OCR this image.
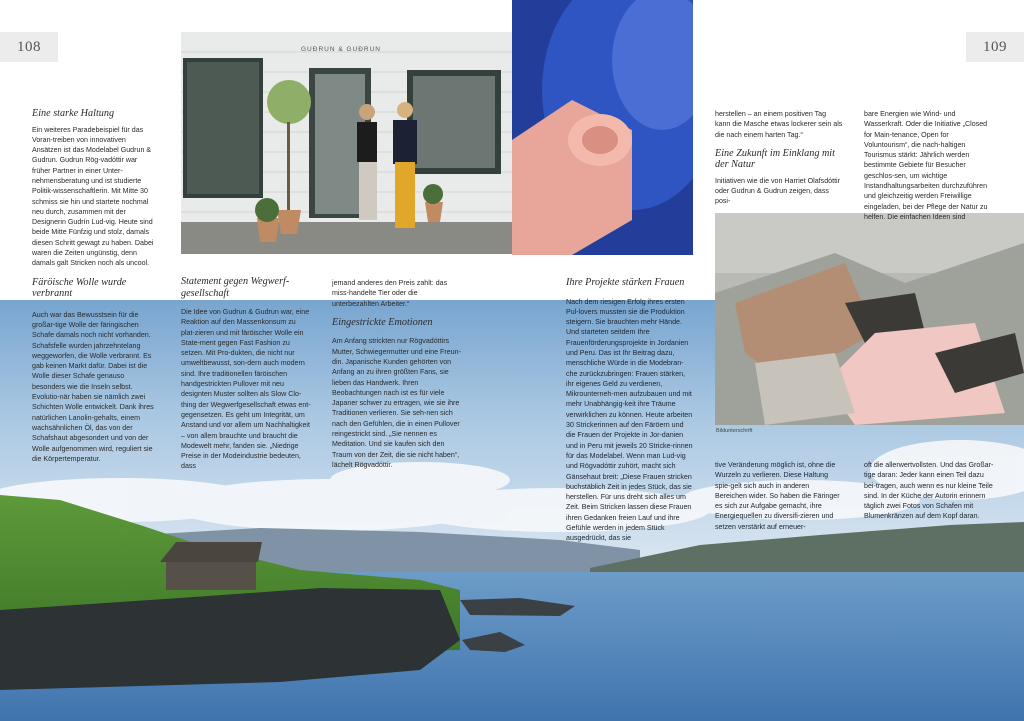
108	109
GUÐRUN & GUÐRUN
Bildunterschrift
Eine starke Haltung

Ein weiteres Paradebeispiel für das Voran-treiben von innovativen Ansätzen ist das Modelabel Gudrun & Gudrun. Gudrun Rög-vadóttir war früher Partner in einer Unter-nehmensberatung und ist studierte Politik-wissenschaftlerin. Mit Mitte 30 schmiss sie hin und startete nochmal neu durch, zusammen mit der Designerin Gudrín Lud-vig. Heute sind beide Mitte Fünfzig und stolz, damals diesen Schritt gewagt zu haben. Dabei waren die Zeiten ungünstig, denn damals galt Stricken noch als uncool.

Färöische Wolle wurde verbrannt

Auch war das Bewusstsein für die großar-tige Wolle der färingischen Schafe damals noch nicht vorhanden. Schafsfelle wurden jahrzehntelang weggeworfen, die Wolle verbrannt. Es gab keinen Markt dafür. Dabei ist die Wolle dieser Schafe genauso besonders wie die Inseln selbst. Evolutio-när haben sie nämlich zwei Schichten Wolle entwickelt. Dank ihres natürlichen Lanolin-gehalts, einem wachsähnlichen Öl, das von der Schafshaut abgesondert und von der Wolle aufgenommen wird, reguliert sie die Körpertemperatur.

Statement gegen Wegwerf-gesellschaft

Die Idee von Gudrun & Gudrun war, eine Reaktion auf den Massenkonsum zu plat-zieren und mit färöischer Wolle ein State-ment gegen Fast Fashion zu setzen. Mit Pro-dukten, die nicht nur umweltbewusst, son-dern auch modern sind. Ihre traditionellen färöischen handgestrickten Pullover mit neu designten Muster sollten als Slow Clo-thing der Wegwerfgesellschaft etwas ent-gegensetzen. Es geht um Integrität, um Anstand und vor allem um Nachhaltigkeit – von allem brauchte und braucht die Modewelt mehr, fanden sie. „Niedrige Preise in der Modeindustrie bedeuten, dass

jemand anderes den Preis zahlt: das miss-handelte Tier oder die unterbezahlten Arbeiter.“

Eingestrickte Emotionen

Am Anfang strickten nur Rögvadóttirs Mutter, Schwiegermutter und eine Freun-din. Japanische Kunden gehörten von Anfang an zu ihren größten Fans, sie lieben das Handwerk. Ihren Beobachtungen nach ist es für viele Japaner schwer zu ertragen, wie sie ihre Traditionen verlieren. Sie seh-nen sich nach den Gefühlen, die in einen Pullover reingestrickt sind. „Sie nennen es Meditation. Und sie kaufen sich den Traum von der Zeit, die sie nicht haben“, lächelt Rögvadóttir.

Ihre Projekte stärken Frauen

Nach dem riesigen Erfolg ihres ersten Pul-lovers mussten sie die Produktion steigern. Sie brauchten mehr Hände. Und starteten seitdem Ihre Frauenförderungsprojekte in Jordanien und Peru. Das ist Ihr Beitrag dazu, menschliche Würde in die Modebran-che zurückzubringen: Frauen stärken, ihr eigenes Geld zu verdienen, Mikrounterneh-men aufzubauen und mit mehr Unabhängig-keit ihre Träume verwirklichen zu können. Heute arbeiten 30 Strickerinnen auf den Färöern und die Frauen der Projekte in Jor-danien und in Peru mit jeweils 20 Stricke-rinnen für das Modelabel. Wenn man Lud-vig und Rögvadóttir zuhört, macht sich Gänsehaut breit: „Diese Frauen stricken buchstäblich Zeit in jedes Stück, das sie herstellen. Für uns dreht sich alles um Zeit. Beim Stricken lassen diese Frauen ihren Gedanken freien Lauf und ihre Gefühle werden in jedem Stück ausgedrückt, das sie

herstellen – an einem positiven Tag kann die Masche etwas lockerer sein als die nach einem harten Tag.“

Eine Zukunft im Einklang mit der Natur

Initiativen wie die von Harriet Olafsdóttir oder Gudrun & Gudrun zeigen, dass posi-

tive Veränderung möglich ist, ohne die Wurzeln zu verlieren. Diese Haltung spie-gelt sich auch in anderen Bereichen wider. So haben die Färinger es sich zur Aufgabe gemacht, ihre Energiequellen zu diversifi-zieren und setzen verstärkt auf erneuer-

bare Energien wie Wind- und Wasserkraft. Oder die Initiative „Closed for Main-tenance, Open for Voluntourism“, die nach-haltigen Tourismus stärkt: Jährlich werden bestimmte Gebiete für Besucher geschlos-sen, um wichtige Instandhaltungsarbeiten durchzuführen und gleichzeitig werden Freiwillige eingeladen, bei der Pflege der Natur zu helfen. Die einfachen Ideen sind

oft die allerwertvollsten. Und das Großar-tige daran: Jeder kann einen Teil dazu bei-tragen, auch wenn es nur kleine Teile sind. In der Küche der Autorin erinnern täglich zwei Fotos von Schafen mit Blumenkränzen auf dem Kopf daran.
